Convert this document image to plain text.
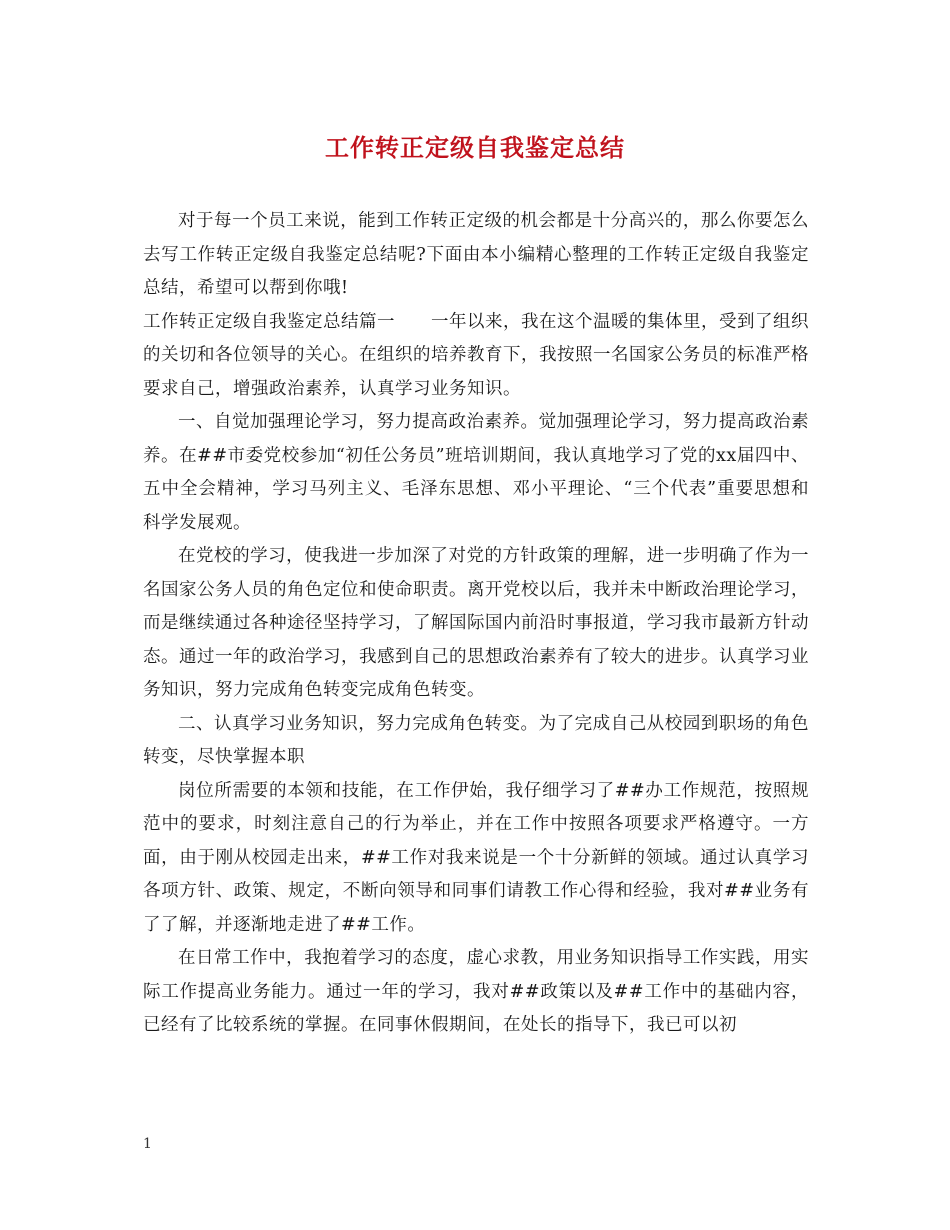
工作转正定级自我鉴定总结

对于每一个员工来说，能到工作转正定级的机会都是十分高兴的，那么你要怎么去写工作转正定级自我鉴定总结呢?下面由本小编精心整理的工作转正定级自我鉴定总结，希望可以帮到你哦!

工作转正定级自我鉴定总结篇一　　一年以来，我在这个温暖的集体里，受到了组织的关切和各位领导的关心。在组织的培养教育下，我按照一名国家公务员的标准严格要求自己，增强政治素养，认真学习业务知识。

一、自觉加强理论学习，努力提高政治素养。觉加强理论学习，努力提高政治素养。在##市委党校参加“初任公务员”班培训期间，我认真地学习了党的xx届四中、五中全会精神，学习马列主义、毛泽东思想、邓小平理论、“三个代表”重要思想和科学发展观。

在党校的学习，使我进一步加深了对党的方针政策的理解，进一步明确了作为一名国家公务人员的角色定位和使命职责。离开党校以后，我并未中断政治理论学习，而是继续通过各种途径坚持学习，了解国际国内前沿时事报道，学习我市最新方针动态。通过一年的政治学习，我感到自己的思想政治素养有了较大的进步。认真学习业务知识，努力完成角色转变完成角色转变。

二、认真学习业务知识，努力完成角色转变。为了完成自己从校园到职场的角色转变，尽快掌握本职

岗位所需要的本领和技能，在工作伊始，我仔细学习了##办工作规范，按照规范中的要求，时刻注意自己的行为举止，并在工作中按照各项要求严格遵守。一方面，由于刚从校园走出来，##工作对我来说是一个十分新鲜的领域。通过认真学习各项方针、政策、规定，不断向领导和同事们请教工作心得和经验，我对##业务有了了解，并逐渐地走进了##工作。

在日常工作中，我抱着学习的态度，虚心求教，用业务知识指导工作实践，用实际工作提高业务能力。通过一年的学习，我对##政策以及##工作中的基础内容，已经有了比较系统的掌握。在同事休假期间，在处长的指导下，我已可以初

1
